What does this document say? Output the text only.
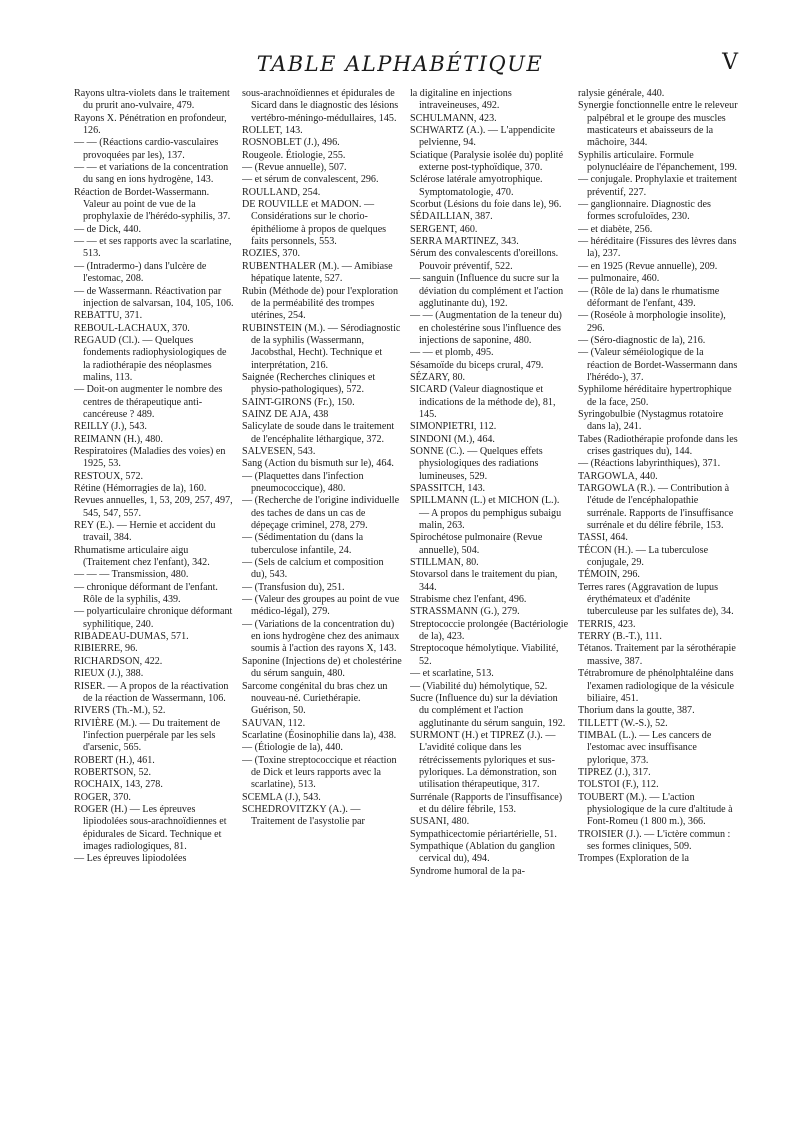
TABLE ALPHABÉTIQUE	V

Rayons ultra-violets dans le traitement du prurit ano-vulvaire, 479.

Rayons X. Pénétration en profondeur, 126.

— — (Réactions cardio-vasculaires provoquées par les), 137.

— — et variations de la concentration du sang en ions hydrogène, 143.

Réaction de Bordet-Wassermann. Valeur au point de vue de la prophylaxie de l'hérédo-syphilis, 37.

— de Dick, 440.

— — et ses rapports avec la scarlatine, 513.

— (Intradermo-) dans l'ulcère de l'estomac, 208.

— de Wassermann. Réactivation par injection de salvarsan, 104, 105, 106.

REBATTU, 371.

REBOUL-LACHAUX, 370.

REGAUD (Cl.). — Quelques fondements radiophysiologiques de la radiothérapie des néoplasmes malins, 113.

— Doit-on augmenter le nombre des centres de thérapeutique anti-cancéreuse ? 489.

REILLY (J.), 543.

REIMANN (H.), 480.

Respiratoires (Maladies des voies) en 1925, 53.

RESTOUX, 572.

Rétine (Hémorragies de la), 160.

Revues annuelles, 1, 53, 209, 257, 497, 545, 547, 557.

REY (E.). — Hernie et accident du travail, 384.

Rhumatisme articulaire aigu (Traitement chez l'enfant), 342.

— — — Transmission, 480.

— chronique déformant de l'enfant. Rôle de la syphilis, 439.

— polyarticulaire chronique déformant syphilitique, 240.

RIBADEAU-DUMAS, 571.

RIBIERRE, 96.

RICHARDSON, 422.

RIEUX (J.), 388.

RISER. — A propos de la réactivation de la réaction de Wassermann, 106.

RIVERS (Th.-M.), 52.

RIVIÈRE (M.). — Du traitement de l'infection puerpérale par les sels d'arsenic, 565.

ROBERT (H.), 461.

ROBERTSON, 52.

ROCHAIX, 143, 278.

ROGER, 370.

ROGER (H.) — Les épreuves lipiodolées sous-arachnoïdiennes et épidurales de Sicard. Technique et images radiologiques, 81.

— Les épreuves lipiodolées

sous-arachnoïdiennes et épidurales de Sicard dans le diagnostic des lésions vertébro-méningo-médullaires, 145.

ROLLET, 143.

ROSNOBLET (J.), 496.

Rougeole. Étiologie, 255.

— (Revue annuelle), 507.

— et sérum de convalescent, 296.

ROULLAND, 254.

DE ROUVILLE et MADON. — Considérations sur le chorio-épithéliome à propos de quelques faits personnels, 553.

ROZIES, 370.

RUBENTHALER (M.). — Amibiase hépatique latente, 527.

Rubin (Méthode de) pour l'exploration de la perméabilité des trompes utérines, 254.

RUBINSTEIN (M.). — Sérodiagnostic de la syphilis (Wassermann, Jacobsthal, Hecht). Technique et interprétation, 216.

Saignée (Recherches cliniques et physio-pathologiques), 572.

SAINT-GIRONS (Fr.), 150.

SAINZ DE AJA, 438

Salicylate de soude dans le traitement de l'encéphalite léthargique, 372.

SALVESEN, 543.

Sang (Action du bismuth sur le), 464.

— (Plaquettes dans l'infection pneumococcique), 480.

— (Recherche de l'origine individuelle des taches de dans un cas de dépeçage criminel, 278, 279.

— (Sédimentation du (dans la tuberculose infantile, 24.

— (Sels de calcium et composition du), 543.

— (Transfusion du), 251.

— (Valeur des groupes au point de vue médico-légal), 279.

— (Variations de la concentration du) en ions hydrogène chez des animaux soumis à l'action des rayons X, 143.

Saponine (Injections de) et cholestérine du sérum sanguin, 480.

Sarcome congénital du bras chez un nouveau-né. Curiethérapie. Guérison, 50.

SAUVAN, 112.

Scarlatine (Éosinophilie dans la), 438.

— (Étiologie de la), 440.

— (Toxine streptococcique et réaction de Dick et leurs rapports avec la scarlatine), 513.

SCEMLA (J.), 543.

SCHEDROVITZKY (A.). — Traitement de l'asystolie par

la digitaline en injections intraveineuses, 492.

SCHULMANN, 423.

SCHWARTZ (A.). — L'appendicite pelvienne, 94.

Sciatique (Paralysie isolée du) poplité externe post-typhoïdique, 370.

Sclérose latérale amyotrophique. Symptomatologie, 470.

Scorbut (Lésions du foie dans le), 96.

SÉDAILLIAN, 387.

SERGENT, 460.

SERRA MARTINEZ, 343.

Sérum des convalescents d'oreillons. Pouvoir préventif, 522.

— sanguin (Influence du sucre sur la déviation du complément et l'action agglutinante du), 192.

— — (Augmentation de la teneur du) en cholestérine sous l'influence des injections de saponine, 480.

— — et plomb, 495.

Sésamoïde du biceps crural, 479.

SÉZARY, 80.

SICARD (Valeur diagnostique et indications de la méthode de), 81, 145.

SIMONPIETRI, 112.

SINDONI (M.), 464.

SONNE (C.). — Quelques effets physiologiques des radiations lumineuses, 529.

SPASSITCH, 143.

SPILLMANN (L.) et MICHON (L.). — A propos du pemphigus subaigu malin, 263.

Spirochétose pulmonaire (Revue annuelle), 504.

STILLMAN, 80.

Stovarsol dans le traitement du pian, 344.

Strabisme chez l'enfant, 496.

STRASSMANN (G.), 279.

Streptococcie prolongée (Bactériologie de la), 423.

Streptocoque hémolytique. Viabilité, 52.

— et scarlatine, 513.

— (Viabilité du) hémolytique, 52.

Sucre (Influence du) sur la déviation du complément et l'action agglutinante du sérum sanguin, 192.

SURMONT (H.) et TIPREZ (J.). — L'avidité colique dans les rétrécissements pyloriques et sus-pyloriques. La démonstration, son utilisation thérapeutique, 317.

Surrénale (Rapports de l'insuffisance) et du délire fébrile, 153.

SUSANI, 480.

Sympathicectomie périartérielle, 51.

Sympathique (Ablation du ganglion cervical du), 494.

Syndrome humoral de la pa-

ralysie générale, 440.

Synergie fonctionnelle entre le releveur palpébral et le groupe des muscles masticateurs et abaisseurs de la mâchoire, 344.

Syphilis articulaire. Formule polynucléaire de l'épanchement, 199.

— conjugale. Prophylaxie et traitement préventif, 227.

— ganglionnaire. Diagnostic des formes scrofuloïdes, 230.

— et diabète, 256.

— héréditaire (Fissures des lèvres dans la), 237.

— en 1925 (Revue annuelle), 209.

— pulmonaire, 460.

— (Rôle de la) dans le rhumatisme déformant de l'enfant, 439.

— (Roséole à morphologie insolite), 296.

— (Séro-diagnostic de la), 216.

— (Valeur séméiologique de la réaction de Bordet-Wassermann dans l'hérédo-), 37.

Syphilome héréditaire hypertrophique de la face, 250.

Syringobulbie (Nystagmus rotatoire dans la), 241.

Tabes (Radiothérapie profonde dans les crises gastriques du), 144.

— (Réactions labyrinthiques), 371.

TARGOWLA, 440.

TARGOWLA (R.). — Contribution à l'étude de l'encéphalopathie surrénale. Rapports de l'insuffisance surrénale et du délire fébrile, 153.

TASSI, 464.

TÉCON (H.). — La tuberculose conjugale, 29.

TÉMOIN, 296.

Terres rares (Aggravation de lupus érythémateux et d'adénite tuberculeuse par les sulfates de), 34.

TERRIS, 423.

TERRY (B.-T.), 111.

Tétanos. Traitement par la sérothérapie massive, 387.

Tétrabromure de phénolphtaléine dans l'examen radiologique de la vésicule biliaire, 451.

Thorium dans la goutte, 387.

TILLETT (W.-S.), 52.

TIMBAL (L.). — Les cancers de l'estomac avec insuffisance pylorique, 373.

TIPREZ (J.), 317.

TOLSTOI (F.), 112.

TOUBERT (M.). — L'action physiologique de la cure d'altitude à Font-Romeu (1 800 m.), 366.

TROISIER (J.). — L'ictère commun : ses formes cliniques, 509.

Trompes (Exploration de la
